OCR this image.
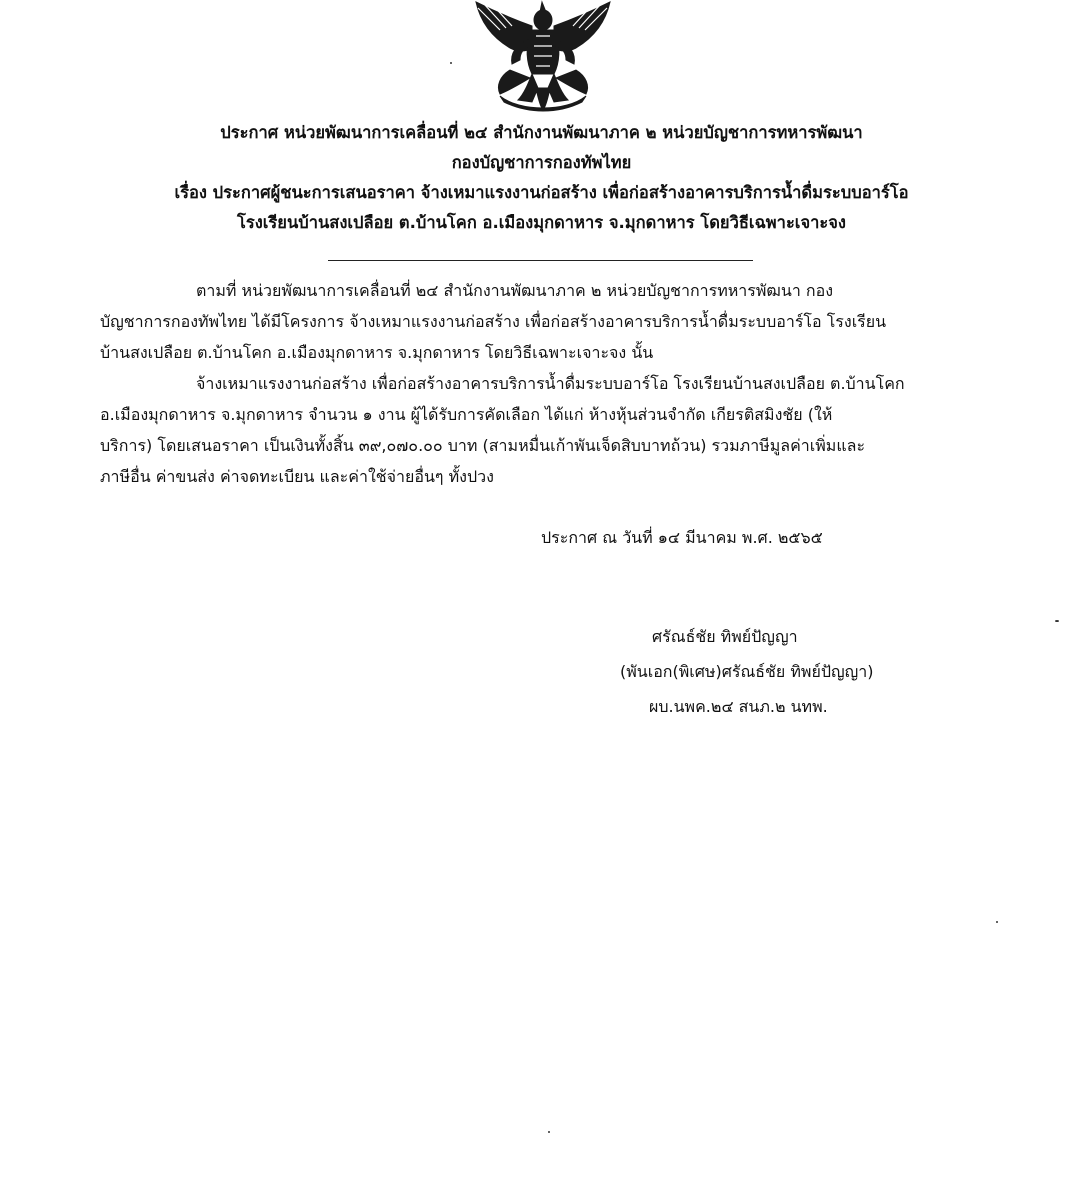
ประกาศ หน่วยพัฒนาการเคลื่อนที่ ๒๔ สำนักงานพัฒนาภาค ๒ หน่วยบัญชาการทหารพัฒนา
กองบัญชาการกองทัพไทย
เรื่อง ประกาศผู้ชนะการเสนอราคา จ้างเหมาแรงงานก่อสร้าง เพื่อก่อสร้างอาคารบริการน้ำดื่มระบบอาร์โอ
โรงเรียนบ้านสงเปลือย ต.บ้านโคก อ.เมืองมุกดาหาร จ.มุกดาหาร โดยวิธีเฉพาะเจาะจง
ตามที่ หน่วยพัฒนาการเคลื่อนที่ ๒๔ สำนักงานพัฒนาภาค ๒ หน่วยบัญชาการทหารพัฒนา กอง
บัญชาการกองทัพไทย ได้มีโครงการ จ้างเหมาแรงงานก่อสร้าง เพื่อก่อสร้างอาคารบริการน้ำดื่มระบบอาร์โอ โรงเรียน
บ้านสงเปลือย ต.บ้านโคก อ.เมืองมุกดาหาร จ.มุกดาหาร โดยวิธีเฉพาะเจาะจง นั้น
จ้างเหมาแรงงานก่อสร้าง เพื่อก่อสร้างอาคารบริการน้ำดื่มระบบอาร์โอ โรงเรียนบ้านสงเปลือย ต.บ้านโคก
อ.เมืองมุกดาหาร จ.มุกดาหาร จำนวน ๑ งาน ผู้ได้รับการคัดเลือก ได้แก่ ห้างหุ้นส่วนจำกัด เกียรติสมิงชัย (ให้
บริการ) โดยเสนอราคา เป็นเงินทั้งสิ้น ๓๙,๐๗๐.๐๐ บาท (สามหมื่นเก้าพันเจ็ดสิบบาทถ้วน) รวมภาษีมูลค่าเพิ่มและ
ภาษีอื่น ค่าขนส่ง ค่าจดทะเบียน และค่าใช้จ่ายอื่นๆ ทั้งปวง
ประกาศ ณ วันที่ ๑๔ มีนาคม พ.ศ. ๒๕๖๕
ศรัณธ์ชัย ทิพย์ปัญญา
(พันเอก(พิเศษ)ศรัณธ์ชัย ทิพย์ปัญญา)
ผบ.นพค.๒๔ สนภ.๒ นทพ.
